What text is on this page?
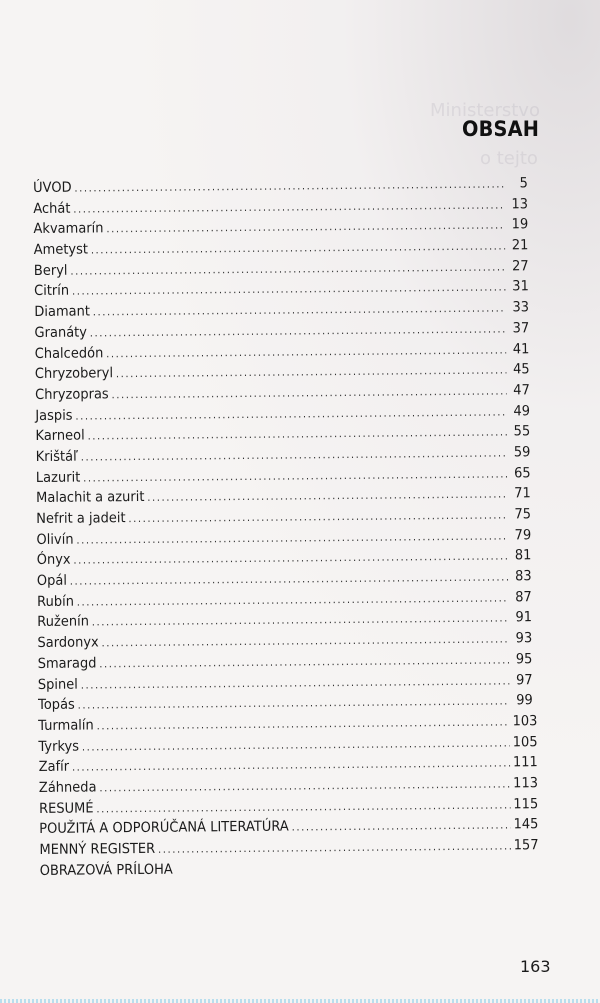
Ministerstvo
o tejto
OBSAH
ÚVOD .....	5
Achát .....	13
Akvamarín .....	19
Ametyst .....	21
Beryl .....	27
Citrín .....	31
Diamant .....	33
Granáty .....	37
Chalcedón .....	41
Chryzoberyl .....	45
Chryzopras .....	47
Jaspis .....	49
Karneol .....	55
Krištáľ .....	59
Lazurit .....	65
Malachit a azurit .....	71
Nefrit a jadeit .....	75
Olivín .....	79
Ónyx .....	81
Opál .....	83
Rubín .....	87
Ruženín .....	91
Sardonyx .....	93
Smaragd .....	95
Spinel .....	97
Topás .....	99
Turmalín .....	103
Tyrkys .....	105
Zafír .....	111
Záhneda .....	113
RESUMÉ .....	115
POUŽITÁ A ODPORÚČANÁ LITERATÚRA .....	145
MENNÝ REGISTER .....	157
OBRAZOVÁ PRÍLOHA
163
